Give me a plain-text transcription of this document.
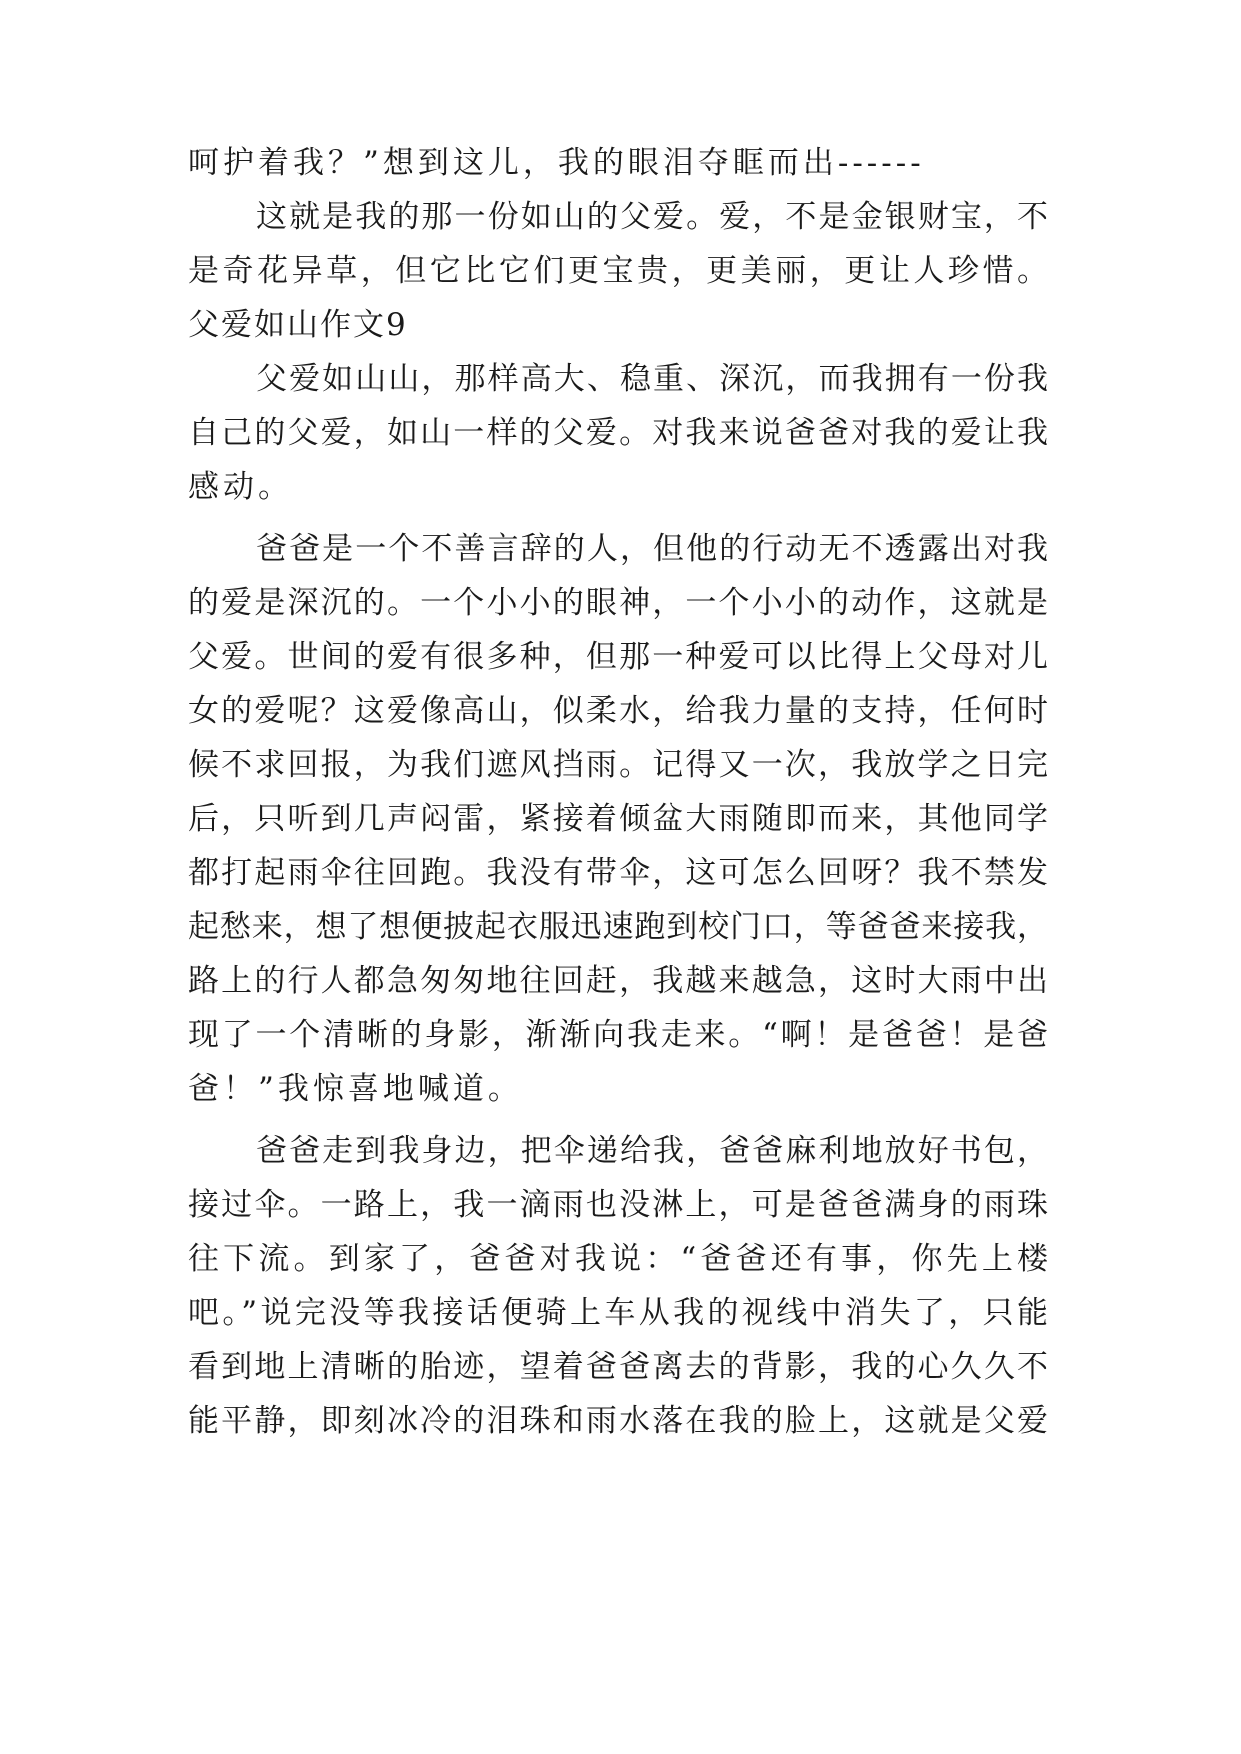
呵护着我？”想到这儿，我的眼泪夺眶而出------
这就是我的那一份如山的父爱。爱，不是金银财宝，不
是奇花异草，但它比它们更宝贵，更美丽，更让人珍惜。
父爱如山作文9
父爱如山山，那样高大、稳重、深沉，而我拥有一份我
自己的父爱，如山一样的父爱。对我来说爸爸对我的爱让我
感动。
爸爸是一个不善言辞的人，但他的行动无不透露出对我
的爱是深沉的。一个小小的眼神，一个小小的动作，这就是
父爱。世间的爱有很多种，但那一种爱可以比得上父母对儿
女的爱呢？这爱像高山，似柔水，给我力量的支持，任何时
候不求回报，为我们遮风挡雨。记得又一次，我放学之日完
后，只听到几声闷雷，紧接着倾盆大雨随即而来，其他同学
都打起雨伞往回跑。我没有带伞，这可怎么回呀？我不禁发
起愁来，想了想便披起衣服迅速跑到校门口，等爸爸来接我，
路上的行人都急匆匆地往回赶，我越来越急，这时大雨中出
现了一个清晰的身影，渐渐向我走来。“啊！是爸爸！是爸
爸！”我惊喜地喊道。
爸爸走到我身边，把伞递给我，爸爸麻利地放好书包，
接过伞。一路上，我一滴雨也没淋上，可是爸爸满身的雨珠
往下流。到家了，爸爸对我说：“爸爸还有事，你先上楼
吧。”说完没等我接话便骑上车从我的视线中消失了，只能
看到地上清晰的胎迹，望着爸爸离去的背影，我的心久久不
能平静，即刻冰冷的泪珠和雨水落在我的脸上，这就是父爱
